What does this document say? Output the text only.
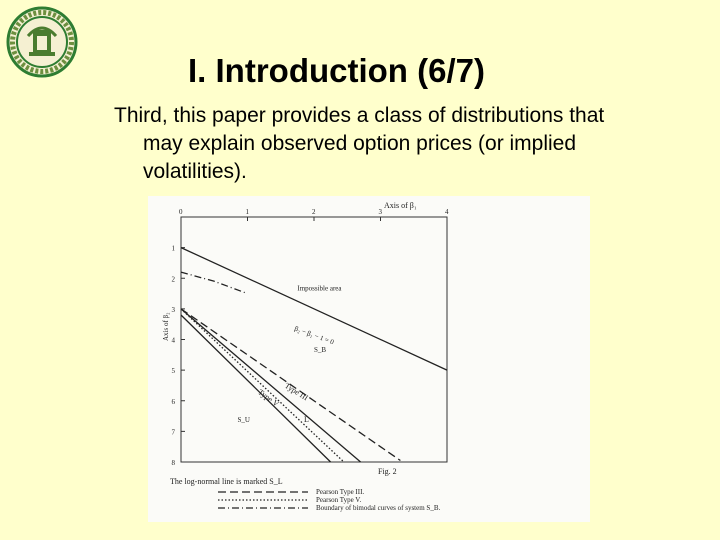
I. Introduction (6/7)

Third, this paper provides a class of distributions that
may explain observed option prices (or implied
volatilities).

Axis of β₁
0	1	2	3	4
1
2
3
4
5
6
7
8
Axis of β₂
Impossible area
S_B
S_U
β₂ − β₁ − 1 = 0
Type III
Type V
L
Fig. 2
The log-normal line is marked S_L
Pearson Type III.
Pearson Type V.
Boundary of bimodal curves of system S_B.
